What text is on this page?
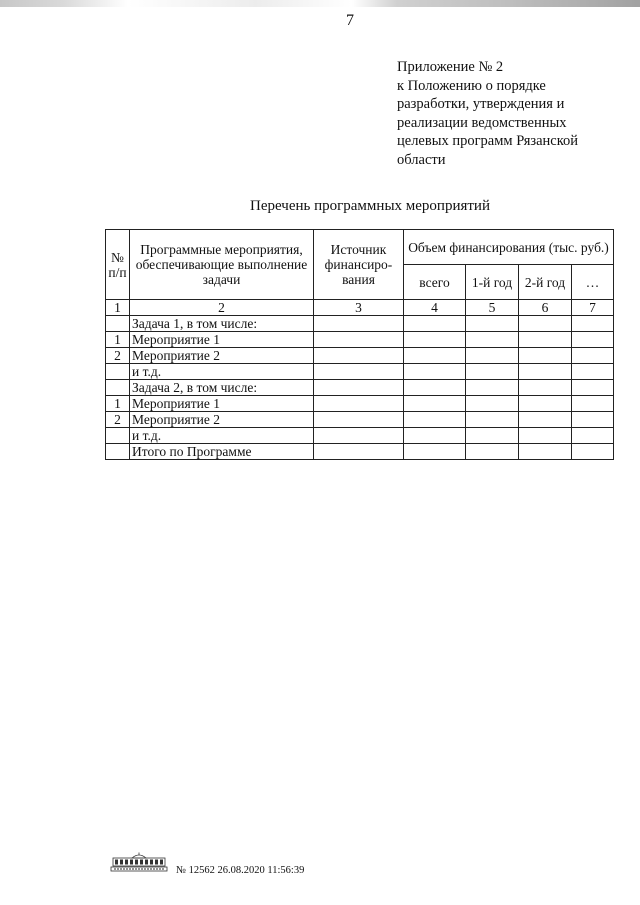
7
Приложение № 2
к Положению о порядке
разработки, утверждения и
реализации ведомственных
целевых программ Рязанской
области
Перечень программных мероприятий
№ п/п	Программные мероприятия, обеспечивающие выполнение задачи	Источник финансиро-вания	Объем финансирования (тыс. руб.)			
			всего	1-й год	2-й год	…
1	2	3	4	5	6	7
	Задача 1, в том числе:					
1	Мероприятие 1					
2	Мероприятие 2					
	и т.д.					
	Задача 2, в том числе:					
1	Мероприятие 1					
2	Мероприятие 2					
	и т.д.					
	Итого по Программе					
№ 12562 26.08.2020 11:56:39
